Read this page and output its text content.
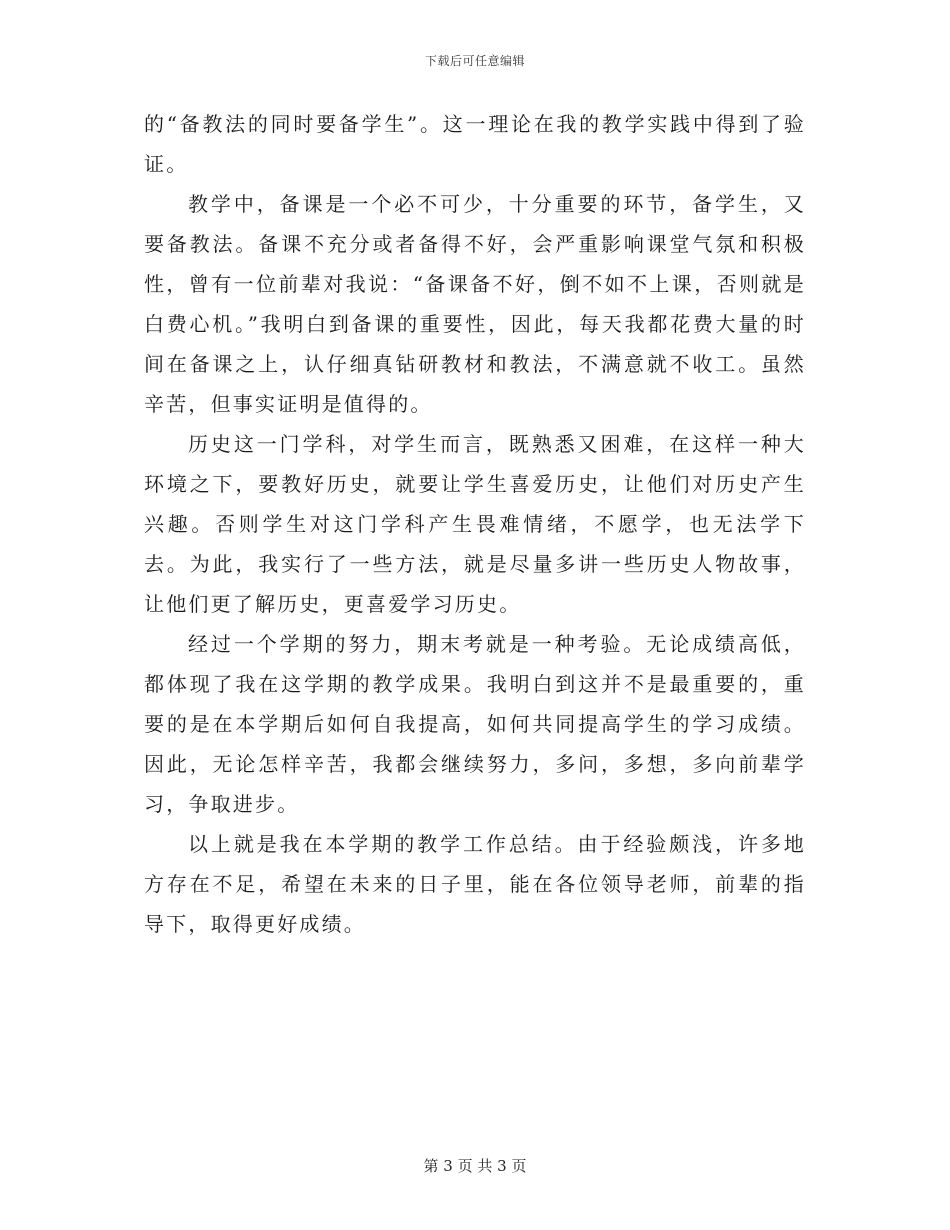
下载后可任意编辑

的“备教法的同时要备学生”。这一理论在我的教学实践中得到了验证。

教学中，备课是一个必不可少，十分重要的环节，备学生，又要备教法。备课不充分或者备得不好，会严重影响课堂气氛和积极性，曾有一位前辈对我说：“备课备不好，倒不如不上课，否则就是白费心机。”我明白到备课的重要性，因此，每天我都花费大量的时间在备课之上，认仔细真钻研教材和教法，不满意就不收工。虽然辛苦，但事实证明是值得的。

历史这一门学科，对学生而言，既熟悉又困难，在这样一种大环境之下，要教好历史，就要让学生喜爱历史，让他们对历史产生兴趣。否则学生对这门学科产生畏难情绪，不愿学，也无法学下去。为此，我实行了一些方法，就是尽量多讲一些历史人物故事，让他们更了解历史，更喜爱学习历史。

经过一个学期的努力，期末考就是一种考验。无论成绩高低，都体现了我在这学期的教学成果。我明白到这并不是最重要的，重要的是在本学期后如何自我提高，如何共同提高学生的学习成绩。因此，无论怎样辛苦，我都会继续努力，多问，多想，多向前辈学习，争取进步。

以上就是我在本学期的教学工作总结。由于经验颇浅，许多地方存在不足，希望在未来的日子里，能在各位领导老师，前辈的指导下，取得更好成绩。

第 3 页 共 3 页
